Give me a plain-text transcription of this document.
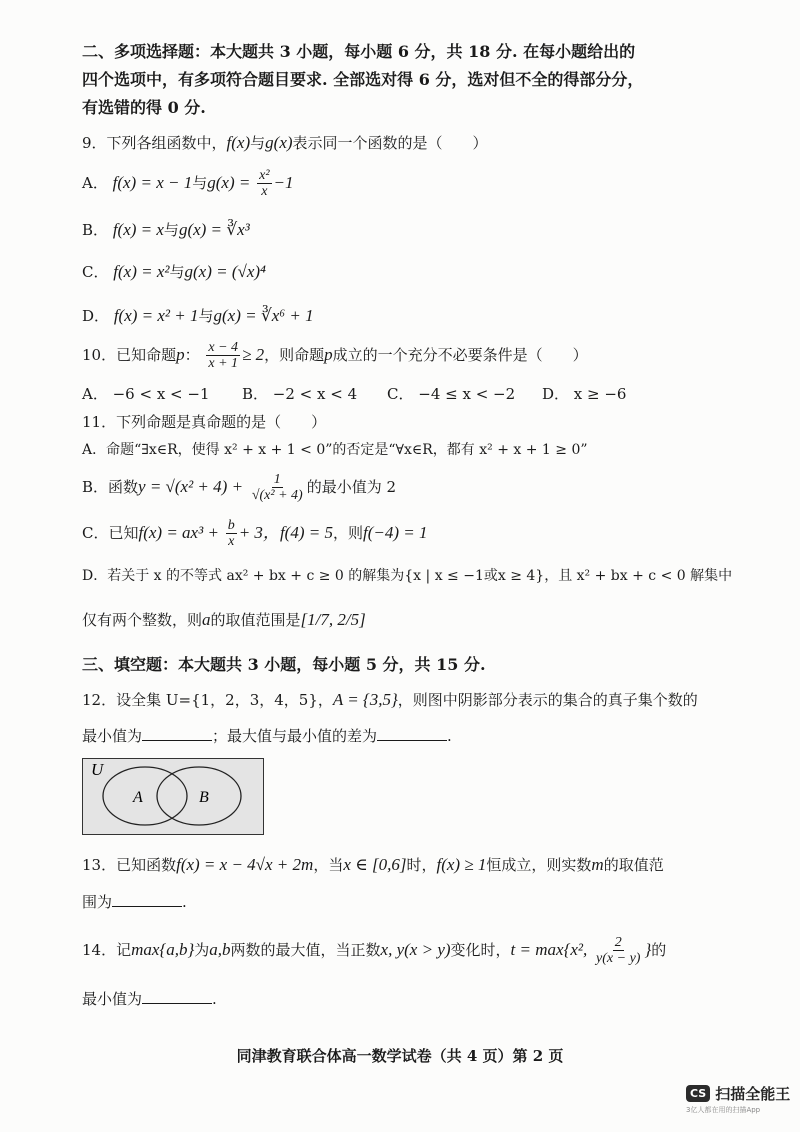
二、多项选择题：本大题共 3 小题，每小题 6 分，共 18 分. 在每小题给出的
四个选项中，有多项符合题目要求. 全部选对得 6 分，选对但不全的得部分分，
有选错的得 0 分.
9．下列各组函数中，f(x)与g(x)表示同一个函数的是（　　）
A． f(x) = x − 1与$g(x) = \frac{\text{x²}}{x} -1$
B． f(x) = x与g(x) = ∛x³
C． f(x) = x²与g(x) = (√x)⁴
D． f(x) = x² + 1与g(x) = ∛x⁶ + 1
10．已知命题p： $\frac{x - 4}{x + 1} \ge 2$，则命题p成立的一个充分不必要条件是（　　）
A． −6 < x < −1 B． −2 < x < 4 C． −4 ≤ x < −2 D． x ≥ −6
11．下列命题是真命题的是（　　）
A．命题“∃x∈R，使得 x² + x + 1 < 0”的否定是“∀x∈R，都有 x² + x + 1 ≥ 0”
B．函数$y = √(x^2 + 4) + \frac{1}{\text{√(x² + 4)}}$ 的最小值为 2
C．已知$f(x) = ax^3 + \frac{b}{x} + 3$，f(4) = 5，则f(−4) = 1
D．若关于 x 的不等式 ax² + bx + c ≥ 0 的解集为{x | x ≤ −1或x ≥ 4}，且 x² + bx + c < 0 解集中
仅有两个整数，则a的取值范围是[1/7, 2/5]
三、填空题：本大题共 3 小题，每小题 5 分，共 15 分.
12．设全集 U={1，2，3，4，5}，A = {3,5}，则图中阴影部分表示的集合的真子集个数的
最小值为	；最大值与最小值的差为	.
U
A	B
13．已知函数f(x) = x − 4√x + 2m，当x ∈ [0,6]时，f(x) ≥ 1恒成立，则实数m的取值范
围为	.
14．记max{a,b}为a,b两数的最大值，当正数x, y(x > y)变化时，t = max{x², $\frac{2}{y(x - y)}$ }的
最小值为	.
同津教育联合体高一数学试卷（共 4 页）第 2 页
CS 扫描全能王
3亿人都在用的扫描App
